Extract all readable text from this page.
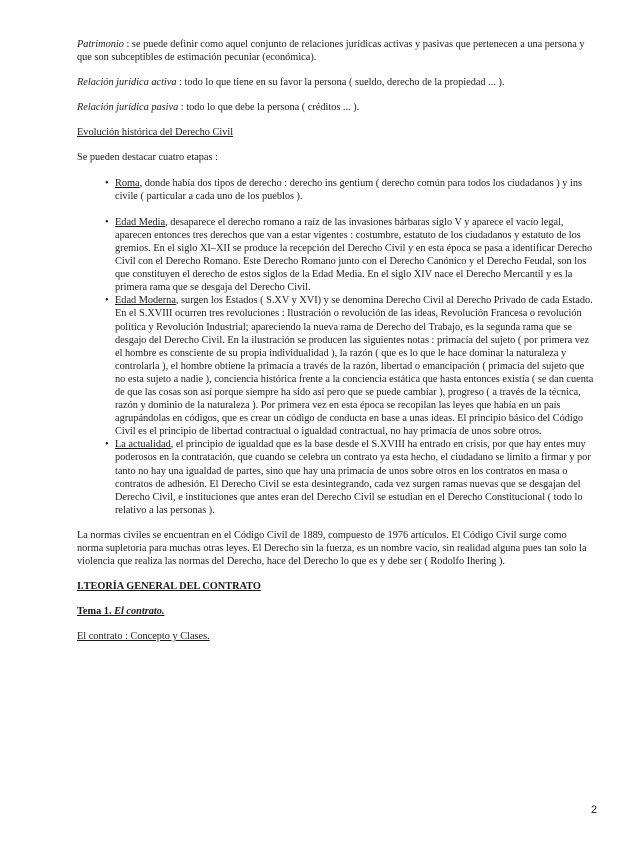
Patrimonio : se puede definir como aquel conjunto de relaciones jurídicas activas y pasivas que pertenecen a una persona y que son subceptibles de estimación pecuniar (económica).

Relación jurídica activa : todo lo que tiene en su favor la persona ( sueldo, derecho de la propiedad ... ).

Relación jurídica pasiva : todo lo que debe la persona ( créditos ... ).

Evolución histórica del Derecho Civil

Se pueden destacar cuatro etapas :

• Roma, donde había dos tipos de derecho : derecho ins gentium ( derecho común para todos los ciudadanos ) y ins civile ( particular a cada uno de los pueblos ).
• Edad Media, desaparece el derecho romano a raíz de las invasiones bárbaras siglo V y aparece el vacío legal, aparecen entonces tres derechos que van a estar vigentes : costumbre, estatuto de los ciudadanos y estatuto de los gremios. En el siglo XI–XII se produce la recepción del Derecho Civil y en esta época se pasa a identificar Derecho Civil con el Derecho Romano. Este Derecho Romano junto con el Derecho Canónico y el Derecho Feudal, son los que constituyen el derecho de estos siglos de la Edad Media. En el siglo XIV nace el Derecho Mercantil y es la primera rama que se desgaja del Derecho Civil.
• Edad Moderna, surgen los Estados ( S.XV y XVI) y se denomina Derecho Civil al Derecho Privado de cada Estado. En el S.XVIII ocurren tres revoluciones : Ilustración o revolución de las ideas, Revolución Francesa o revolución política y Revolución Industrial; apareciendo la nueva rama de Derecho del Trabajo, es la segunda rama que se desgajo del Derecho Civil. En la ilustración se producen las siguientes notas : primacía del sujeto ( por primera vez el hombre es consciente de su propia individualidad ), la razón ( que es lo que le hace dominar la naturaleza y controlarla ), el hombre obtiene la primacía a través de la razón, libertad o emancipación ( primacía del sujeto que no esta sujeto a nadie ), conciencia histórica frente a la conciencia estática que hasta entonces existía ( se dan cuenta de que las cosas son así porque siempre ha sido así pero que se puede cambiar ), progreso ( a través de la técnica, razón y dominio de la naturaleza ). Por primera vez en esta época se recopilan las leyes que había en un país agrupándolas en códigos, que es crear un código de conducta en base a unas ideas. El principio básico del Código Civil es el principio de libertad contractual o igualdad contractual, no hay primacía de unos sobre otros.
• La actualidad, el principio de igualdad que es la base desde el S.XVIII ha entrado en crisis, por que hay entes muy poderosos en la contratación, que cuando se celebra un contrato ya esta hecho, el ciudadano se limito a firmar y por tanto no hay una igualdad de partes, sino que hay una primacía de unos sobre otros en los contratos en masa o contratos de adhesión. El Derecho Civil se esta desintegrando, cada vez surgen ramas nuevas que se desgajan del Derecho Civil, e instituciones que antes eran del Derecho Civil se estudian en el Derecho Constitucional ( todo lo relativo a las personas ).

La normas civiles se encuentran en el Código Civil de 1889, compuesto de 1976 artículos. El Código Civil surge como norma supletoria para muchas otras leyes. El Derecho sin la fuerza, es un nombre vacío, sin realidad alguna pues tan solo la violencia que realiza las normas del Derecho, hace del Derecho lo que es y debe ser ( Rodolfo Ihering ).

I.TEORÍA GENERAL DEL CONTRATO

Tema 1. El contrato.

El contrato : Concepto y Clases.

2
